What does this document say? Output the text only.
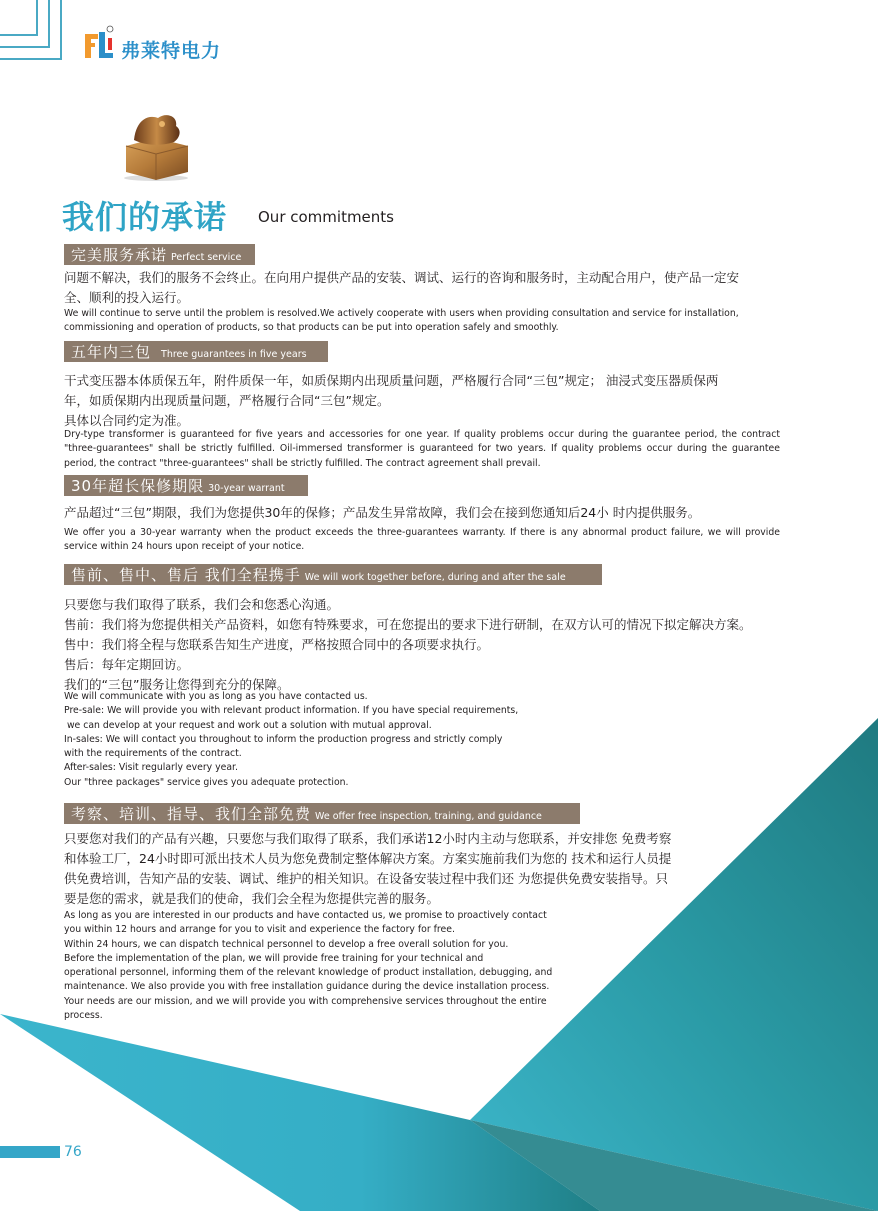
弗莱特电力
我们的承诺 Our commitments
完美服务承诺 Perfect service
问题不解决，我们的服务不会终止。在向用户提供产品的安装、调试、运行的咨询和服务时，主动配合用户，使产品一定安
全、顺利的投入运行。
We will continue to serve until the problem is resolved.We actively cooperate with users when providing consultation and service for installation,
commissioning and operation of products, so that products can be put into operation safely and smoothly.
五年内三包 Three guarantees in five years
干式变压器本体质保五年，附件质保一年，如质保期内出现质量问题，严格履行合同“三包”规定； 油浸式变压器质保两
年，如质保期内出现质量问题，严格履行合同“三包”规定。
具体以合同约定为准。
Dry-type transformer is guaranteed for five years and accessories for one year. If quality problems occur during the guarantee period, the contract "three-guarantees" shall be strictly fulfilled. Oil-immersed transformer is guaranteed for two years. If quality problems occur during the guarantee period, the contract "three-guarantees" shall be strictly fulfilled. The contract agreement shall prevail.
30年超长保修期限 30-year warrant
产品超过“三包”期限，我们为您提供30年的保修；产品发生异常故障，我们会在接到您通知后24小 时内提供服务。
We offer you a 30-year warranty when the product exceeds the three-guarantees warranty. If there is any abnormal product failure, we will provide service within 24 hours upon receipt of your notice.
售前、售中、售后 我们全程携手 We will work together before, during and after the sale
只要您与我们取得了联系，我们会和您悉心沟通。
售前：我们将为您提供相关产品资料，如您有特殊要求，可在您提出的要求下进行研制，在双方认可的情况下拟定解决方案。
售中：我们将全程与您联系告知生产进度，严格按照合同中的各项要求执行。
售后：每年定期回访。
我们的“三包”服务让您得到充分的保障。
We will communicate with you as long as you have contacted us.
Pre-sale: We will provide you with relevant product information. If you have special requirements,
we can develop at your request and work out a solution with mutual approval.
In-sales: We will contact you throughout to inform the production progress and strictly comply
with the requirements of the contract.
After-sales: Visit regularly every year.
Our "three packages" service gives you adequate protection.
考察、培训、指导、我们全部免费 We offer free inspection, training, and guidance
只要您对我们的产品有兴趣，只要您与我们取得了联系，我们承诺12小时内主动与您联系，并安排您 免费考察
和体验工厂，24小时即可派出技术人员为您免费制定整体解决方案。方案实施前我们为您的 技术和运行人员提
供免费培训，告知产品的安装、调试、维护的相关知识。在设备安装过程中我们还 为您提供免费安装指导。只
要是您的需求，就是我们的使命，我们会全程为您提供完善的服务。
As long as you are interested in our products and have contacted us, we promise to proactively contact
you within 12 hours and arrange for you to visit and experience the factory for free.
Within 24 hours, we can dispatch technical personnel to develop a free overall solution for you.
Before the implementation of the plan, we will provide free training for your technical and
operational personnel, informing them of the relevant knowledge of product installation, debugging, and
maintenance. We also provide you with free installation guidance during the device installation process.
Your needs are our mission, and we will provide you with comprehensive services throughout the entire
process.
76
